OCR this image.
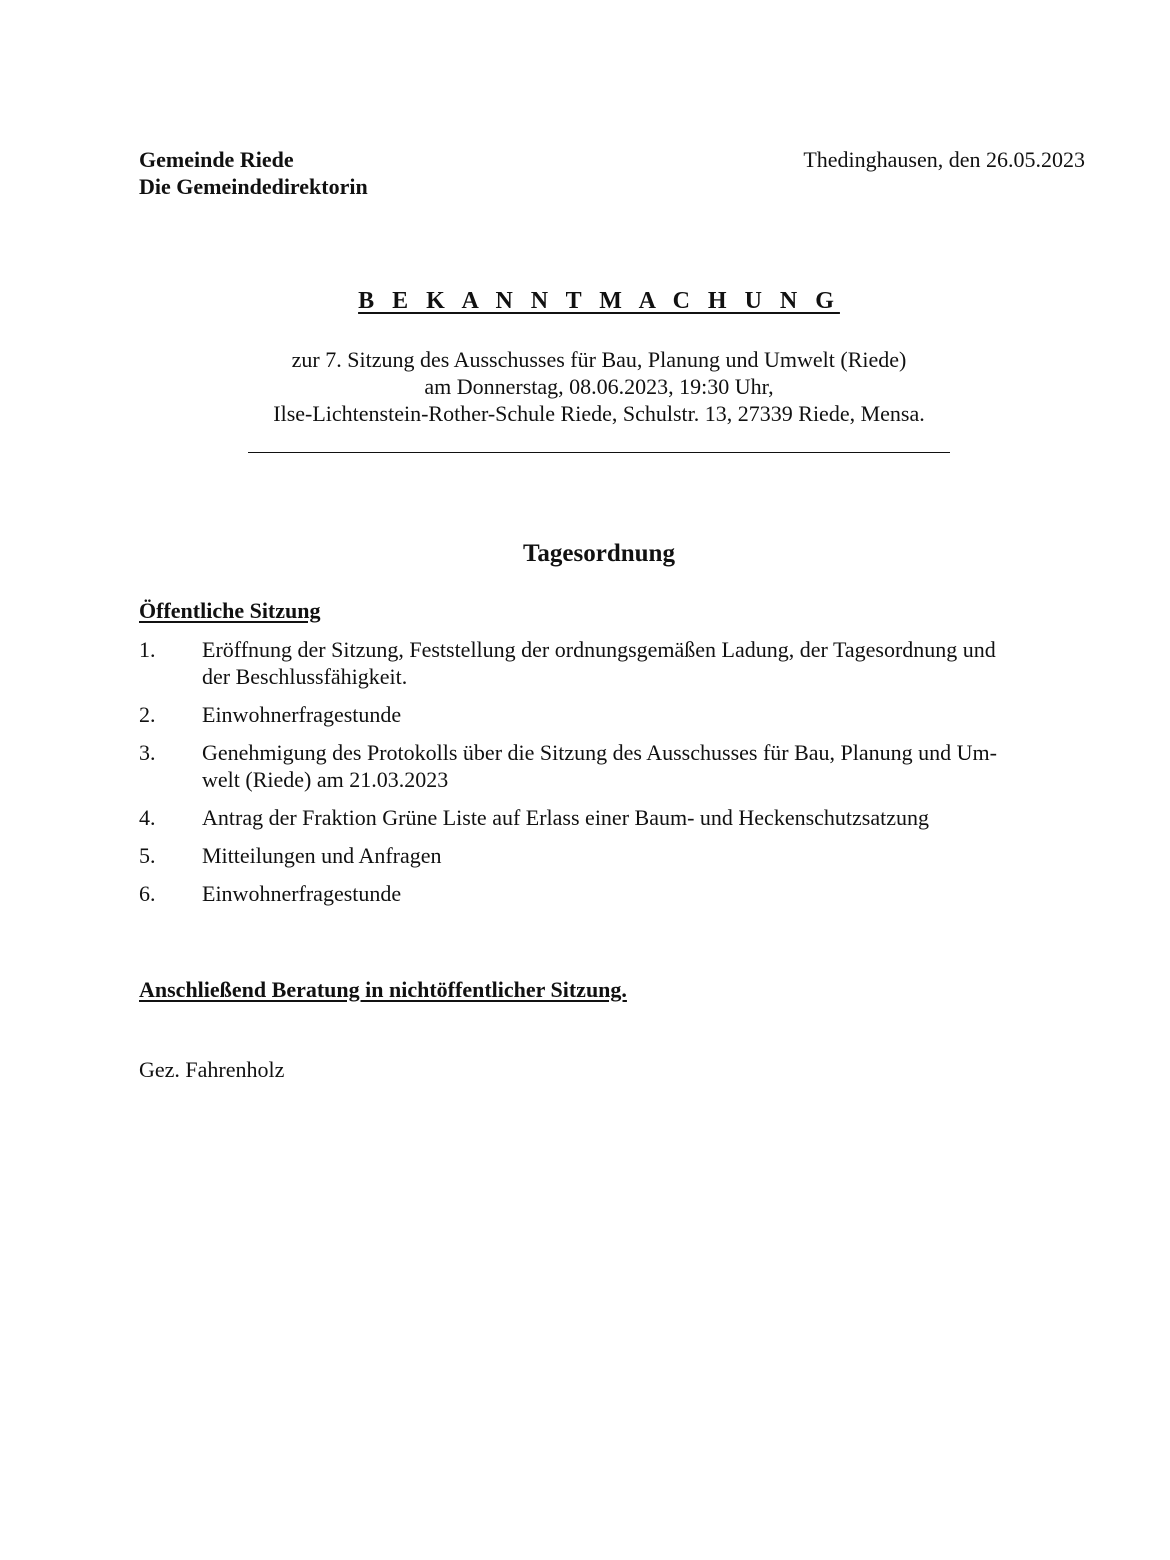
Gemeinde Riede
Die Gemeindedirektorin
Thedinghausen, den 26.05.2023
B E K A N N T M A C H U N G
zur 7. Sitzung des Ausschusses für Bau, Planung und Umwelt (Riede)
am Donnerstag, 08.06.2023, 19:30 Uhr,
Ilse-Lichtenstein-Rother-Schule Riede, Schulstr. 13, 27339 Riede, Mensa.
Tagesordnung
Öffentliche Sitzung
1. Eröffnung der Sitzung, Feststellung der ordnungsgemäßen Ladung, der Tagesordnung und
der Beschlussfähigkeit.
2. Einwohnerfragestunde
3. Genehmigung des Protokolls über die Sitzung des Ausschusses für Bau, Planung und Um-
welt (Riede) am 21.03.2023
4. Antrag der Fraktion Grüne Liste auf Erlass einer Baum- und Heckenschutzsatzung
5. Mitteilungen und Anfragen
6. Einwohnerfragestunde
Anschließend Beratung in nichtöffentlicher Sitzung.
Gez. Fahrenholz
